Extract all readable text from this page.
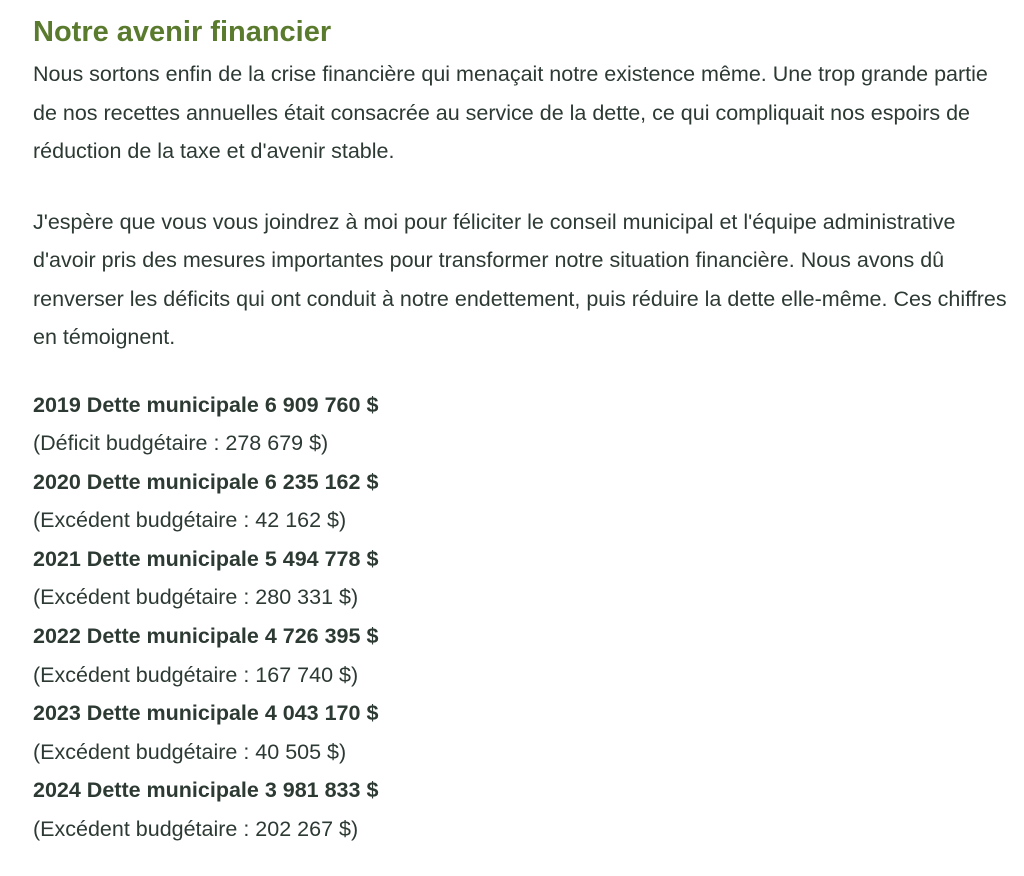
Notre avenir financier

Nous sortons enfin de la crise financière qui menaçait notre existence même. Une trop grande partie de nos recettes annuelles était consacrée au service de la dette, ce qui compliquait nos espoirs de réduction de la taxe et d'avenir stable.

J'espère que vous vous joindrez à moi pour féliciter le conseil municipal et l'équipe administrative d'avoir pris des mesures importantes pour transformer notre situation financière. Nous avons dû renverser les déficits qui ont conduit à notre endettement, puis réduire la dette elle-même. Ces chiffres en témoignent.

2019 Dette municipale 6 909 760 $
(Déficit budgétaire : 278 679 $)
2020 Dette municipale 6 235 162 $
(Excédent budgétaire : 42 162 $)
2021 Dette municipale 5 494 778 $
(Excédent budgétaire : 280 331 $)
2022 Dette municipale 4 726 395 $
(Excédent budgétaire : 167 740 $)
2023 Dette municipale 4 043 170 $
(Excédent budgétaire : 40 505 $)
2024 Dette municipale 3 981 833 $
(Excédent budgétaire : 202 267 $)
